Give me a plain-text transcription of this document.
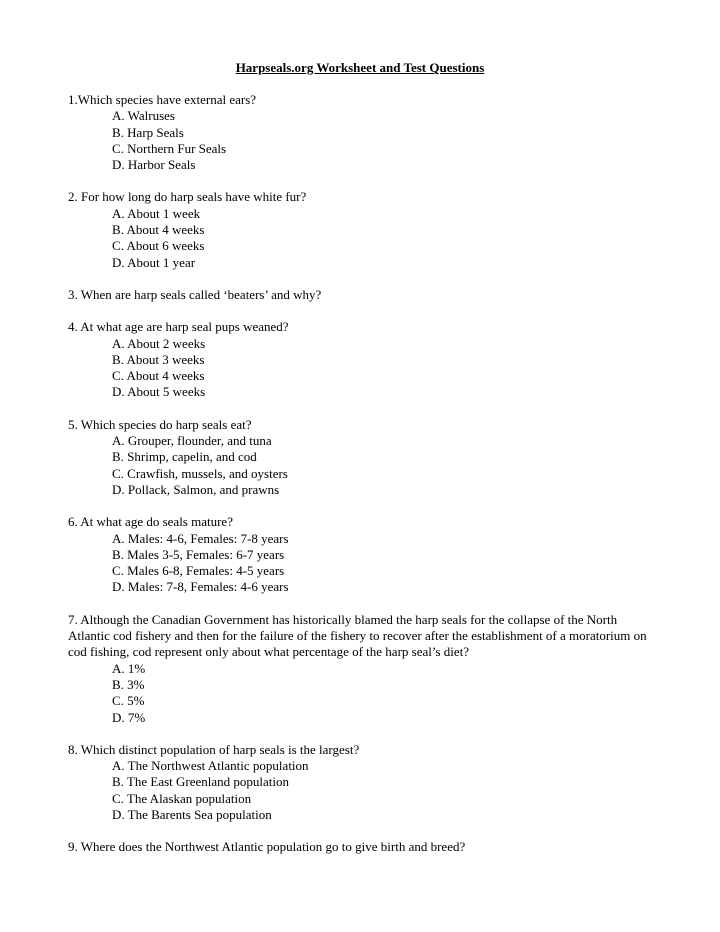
Harpseals.org Worksheet and Test Questions

1.Which species have external ears?

A. Walruses
B. Harp Seals
C. Northern Fur Seals
D. Harbor Seals

2. For how long do harp seals have white fur?

A. About 1 week
B. About 4 weeks
C. About 6 weeks
D. About 1 year

3. When are harp seals called ‘beaters’ and why?

4. At what age are harp seal pups weaned?

A. About 2 weeks
B. About 3 weeks
C. About 4 weeks
D. About 5 weeks

5. Which species do harp seals eat?

A. Grouper, flounder, and tuna
B. Shrimp, capelin, and cod
C. Crawfish, mussels, and oysters
D. Pollack, Salmon, and prawns

6. At what age do seals mature?

A. Males: 4-6, Females: 7-8 years
B. Males 3-5, Females: 6-7 years
C. Males 6-8, Females: 4-5 years
D. Males: 7-8, Females: 4-6 years

7. Although the Canadian Government has historically blamed the harp seals for the collapse of the North Atlantic cod fishery and then for the failure of the fishery to recover after the establishment of a moratorium on cod fishing, cod represent only about what percentage of the harp seal’s diet?

A. 1%
B. 3%
C. 5%
D. 7%

8. Which distinct population of harp seals is the largest?

A. The Northwest Atlantic population
B. The East Greenland population
C. The Alaskan population
D. The Barents Sea population

9. Where does the Northwest Atlantic population go to give birth and breed?
